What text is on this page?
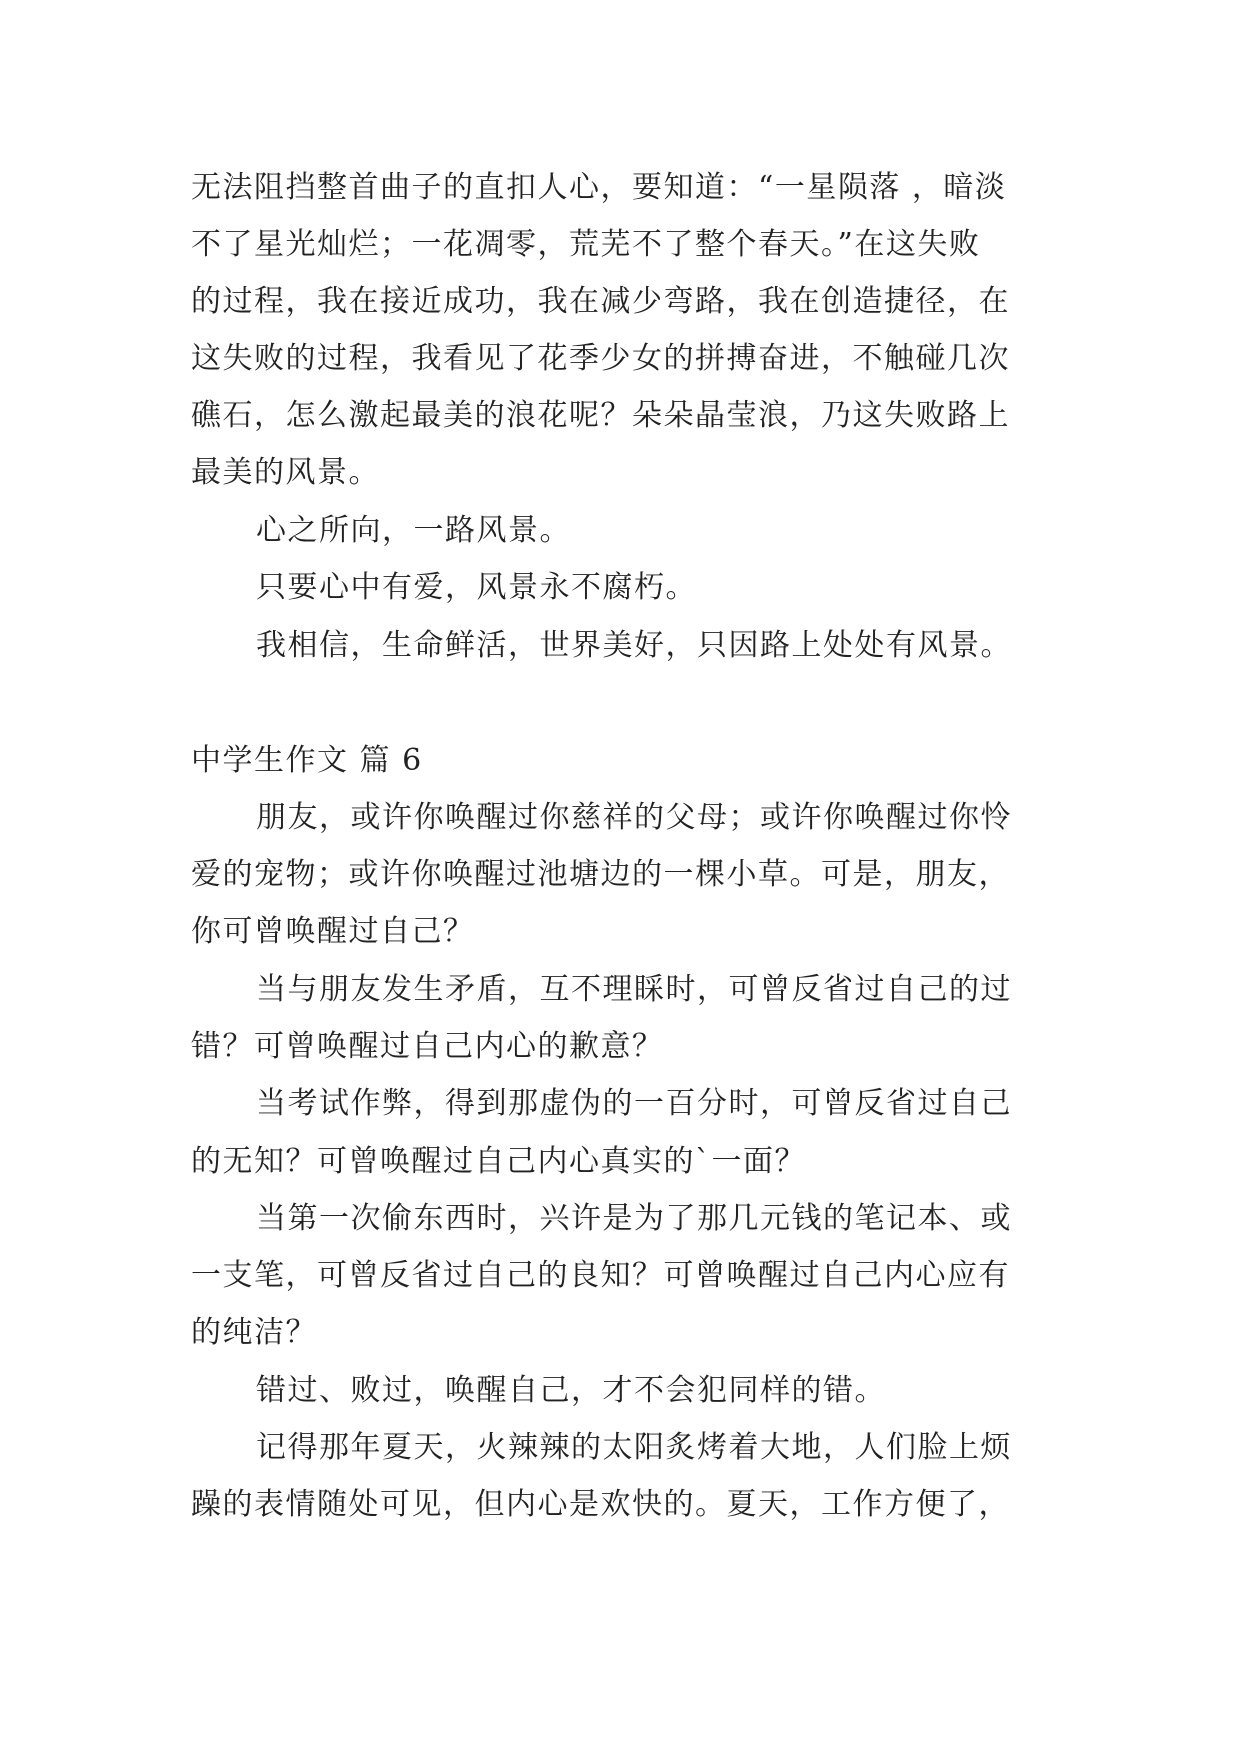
无法阻挡整首曲子的直扣人心，要知道：“一星陨落 ，暗淡
不了星光灿烂；一花凋零，荒芜不了整个春天。”在这失败
的过程，我在接近成功，我在减少弯路，我在创造捷径，在
这失败的过程，我看见了花季少女的拼搏奋进，不触碰几次
礁石，怎么激起最美的浪花呢？朵朵晶莹浪，乃这失败路上
最美的风景。
心之所向，一路风景。
只要心中有爱，风景永不腐朽。
我相信，生命鲜活，世界美好，只因路上处处有风景。
中学生作文 篇 6
朋友，或许你唤醒过你慈祥的父母；或许你唤醒过你怜
爱的宠物；或许你唤醒过池塘边的一棵小草。可是，朋友，
你可曾唤醒过自己？
当与朋友发生矛盾，互不理睬时，可曾反省过自己的过
错？可曾唤醒过自己内心的歉意？
当考试作弊，得到那虚伪的一百分时，可曾反省过自己
的无知？可曾唤醒过自己内心真实的`一面？
当第一次偷东西时，兴许是为了那几元钱的笔记本、或
一支笔，可曾反省过自己的良知？可曾唤醒过自己内心应有
的纯洁？
错过、败过，唤醒自己，才不会犯同样的错。
记得那年夏天，火辣辣的太阳炙烤着大地，人们脸上烦
躁的表情随处可见，但内心是欢快的。夏天，工作方便了，
